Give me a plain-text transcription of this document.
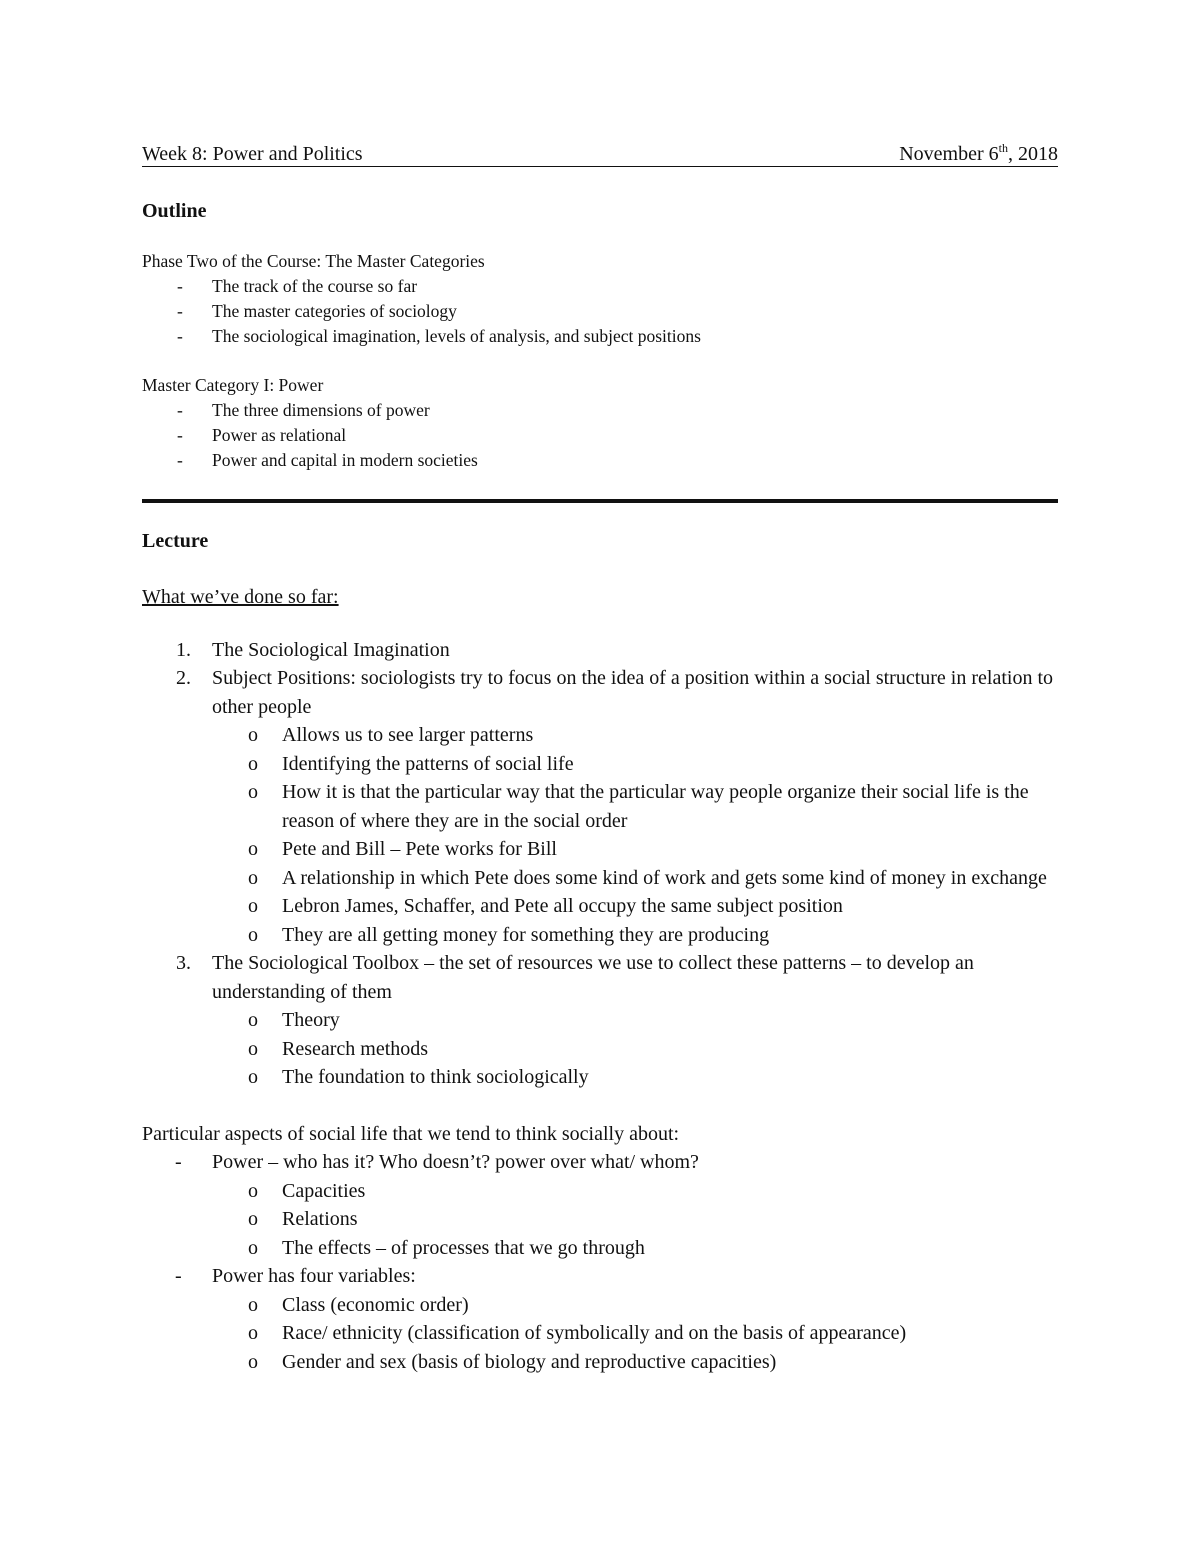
Week 8: Power and Politics	November 6th, 2018
Outline
Phase Two of the Course: The Master Categories
- The track of the course so far
- The master categories of sociology
- The sociological imagination, levels of analysis, and subject positions
Master Category I: Power
- The three dimensions of power
- Power as relational
- Power and capital in modern societies
Lecture
What we’ve done so far:
1. The Sociological Imagination
2. Subject Positions: sociologists try to focus on the idea of a position within a social structure in relation to other people
o Allows us to see larger patterns
o Identifying the patterns of social life
o How it is that the particular way that the particular way people organize their social life is the reason of where they are in the social order
o Pete and Bill – Pete works for Bill
o A relationship in which Pete does some kind of work and gets some kind of money in exchange
o Lebron James, Schaffer, and Pete all occupy the same subject position
o They are all getting money for something they are producing
3. The Sociological Toolbox – the set of resources we use to collect these patterns – to develop an understanding of them
o Theory
o Research methods
o The foundation to think sociologically
Particular aspects of social life that we tend to think socially about:
- Power – who has it? Who doesn’t? power over what/ whom?
o Capacities
o Relations
o The effects – of processes that we go through
- Power has four variables:
o Class (economic order)
o Race/ ethnicity (classification of symbolically and on the basis of appearance)
o Gender and sex (basis of biology and reproductive capacities)
